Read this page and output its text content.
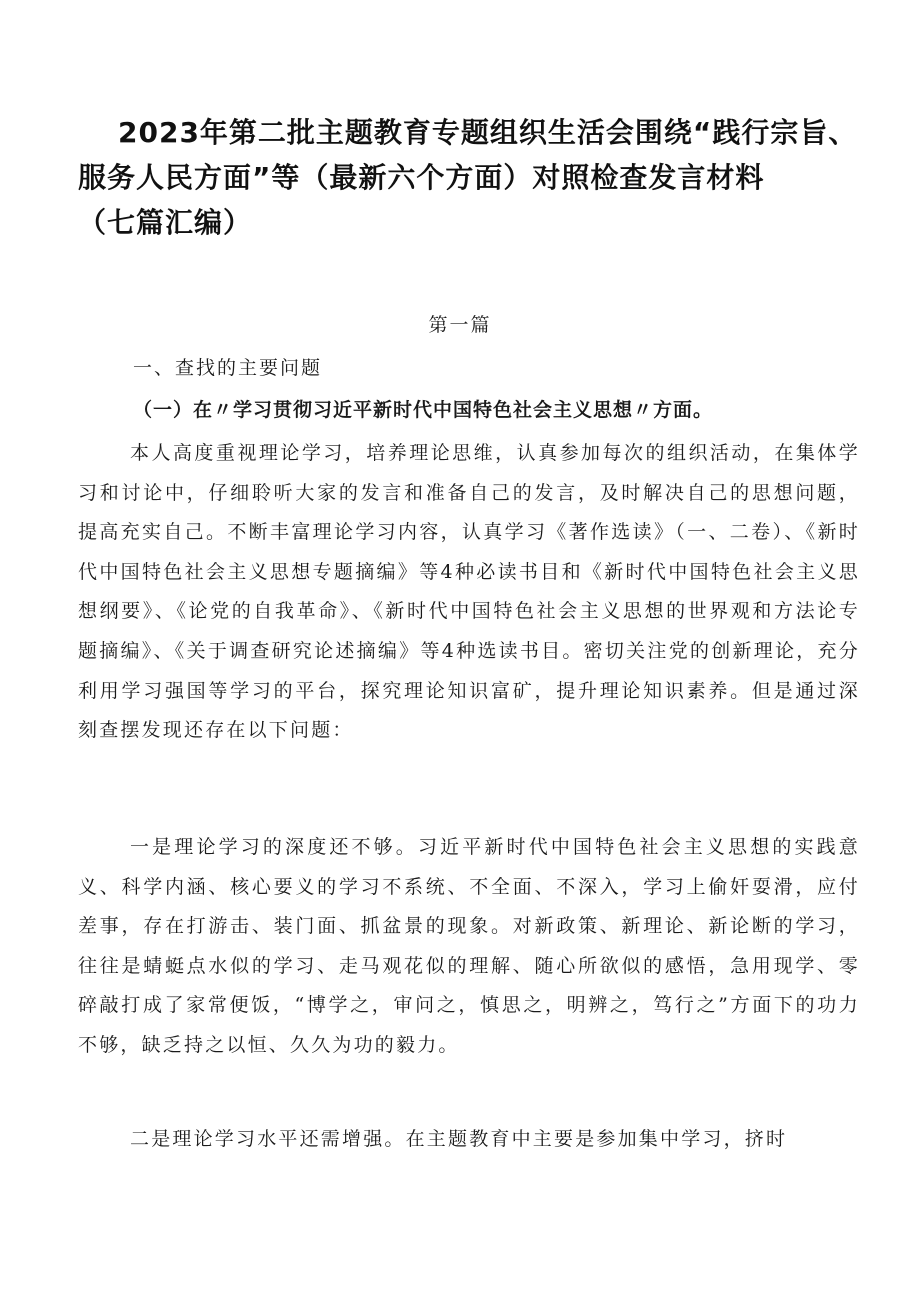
2023年第二批主题教育专题组织生活会围绕“践行宗旨、
服务人民方面”等（最新六个方面）对照检查发言材料
（七篇汇编）
第一篇
一、查找的主要问题
（一）在〃学习贯彻习近平新时代中国特色社会主义思想〃方面。

本人高度重视理论学习，培养理论思维，认真参加每次的组织活动，在集体学习和讨论中，仔细聆听大家的发言和准备自己的发言，及时解决自己的思想问题，提高充实自己。不断丰富理论学习内容，认真学习《著作选读》（一、二卷）、《新时代中国特色社会主义思想专题摘编》等4种必读书目和《新时代中国特色社会主义思想纲要》、《论党的自我革命》、《新时代中国特色社会主义思想的世界观和方法论专题摘编》、《关于调查研究论述摘编》等4种选读书目。密切关注党的创新理论，充分利用学习强国等学习的平台，探究理论知识富矿，提升理论知识素养。但是通过深刻查摆发现还存在以下问题：

一是理论学习的深度还不够。习近平新时代中国特色社会主义思想的实践意义、科学内涵、核心要义的学习不系统、不全面、不深入，学习上偷奸耍滑，应付差事，存在打游击、装门面、抓盆景的现象。对新政策、新理论、新论断的学习，往往是蜻蜓点水似的学习、走马观花似的理解、随心所欲似的感悟，急用现学、零碎敲打成了家常便饭，“博学之，审问之，慎思之，明辨之，笃行之”方面下的功力不够，缺乏持之以恒、久久为功的毅力。

二是理论学习水平还需增强。在主题教育中主要是参加集中学习，挤时
